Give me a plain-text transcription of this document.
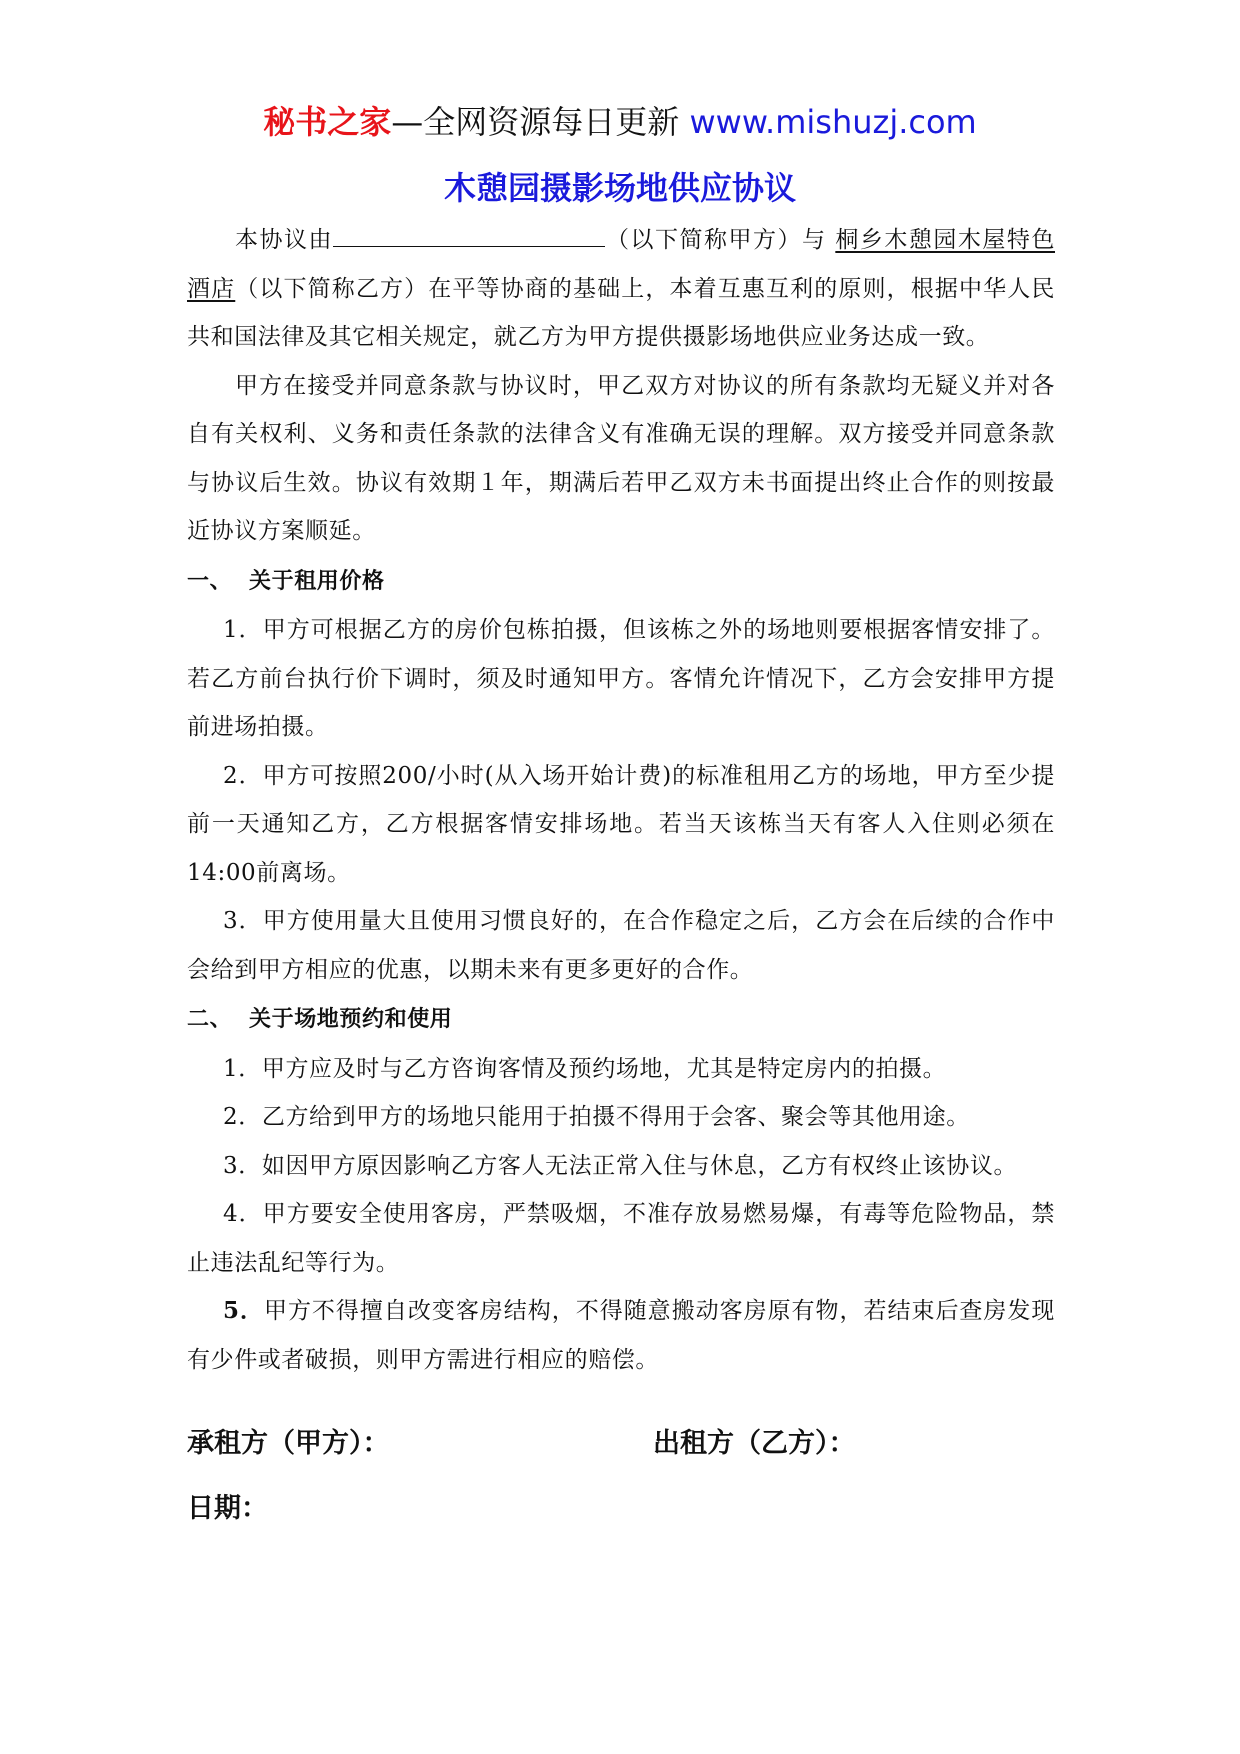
秘书之家—全网资源每日更新 www.mishuzj.com
木憩园摄影场地供应协议

本协议由	（以下简称甲方）与 桐乡木憩园木屋特色酒店（以下简称乙方）在平等协商的基础上，本着互惠互利的原则，根据中华人民共和国法律及其它相关规定，就乙方为甲方提供摄影场地供应业务达成一致。

甲方在接受并同意条款与协议时，甲乙双方对协议的所有条款均无疑义并对各自有关权利、义务和责任条款的法律含义有准确无误的理解。双方接受并同意条款与协议后生效。协议有效期１年，期满后若甲乙双方未书面提出终止合作的则按最近协议方案顺延。

一、 关于租用价格

1．甲方可根据乙方的房价包栋拍摄，但该栋之外的场地则要根据客情安排了。若乙方前台执行价下调时，须及时通知甲方。客情允许情况下，乙方会安排甲方提前进场拍摄。

2．甲方可按照200/小时(从入场开始计费)的标准租用乙方的场地，甲方至少提前一天通知乙方，乙方根据客情安排场地。若当天该栋当天有客人入住则必须在14:00前离场。

3．甲方使用量大且使用习惯良好的，在合作稳定之后，乙方会在后续的合作中会给到甲方相应的优惠，以期未来有更多更好的合作。

二、 关于场地预约和使用

1．甲方应及时与乙方咨询客情及预约场地，尤其是特定房内的拍摄。

2．乙方给到甲方的场地只能用于拍摄不得用于会客、聚会等其他用途。

3．如因甲方原因影响乙方客人无法正常入住与休息，乙方有权终止该协议。

4．甲方要安全使用客房，严禁吸烟，不准存放易燃易爆，有毒等危险物品，禁止违法乱纪等行为。

5．甲方不得擅自改变客房结构，不得随意搬动客房原有物，若结束后查房发现有少件或者破损，则甲方需进行相应的赔偿。

承租方（甲方）：	出租方（乙方）：
日期：
